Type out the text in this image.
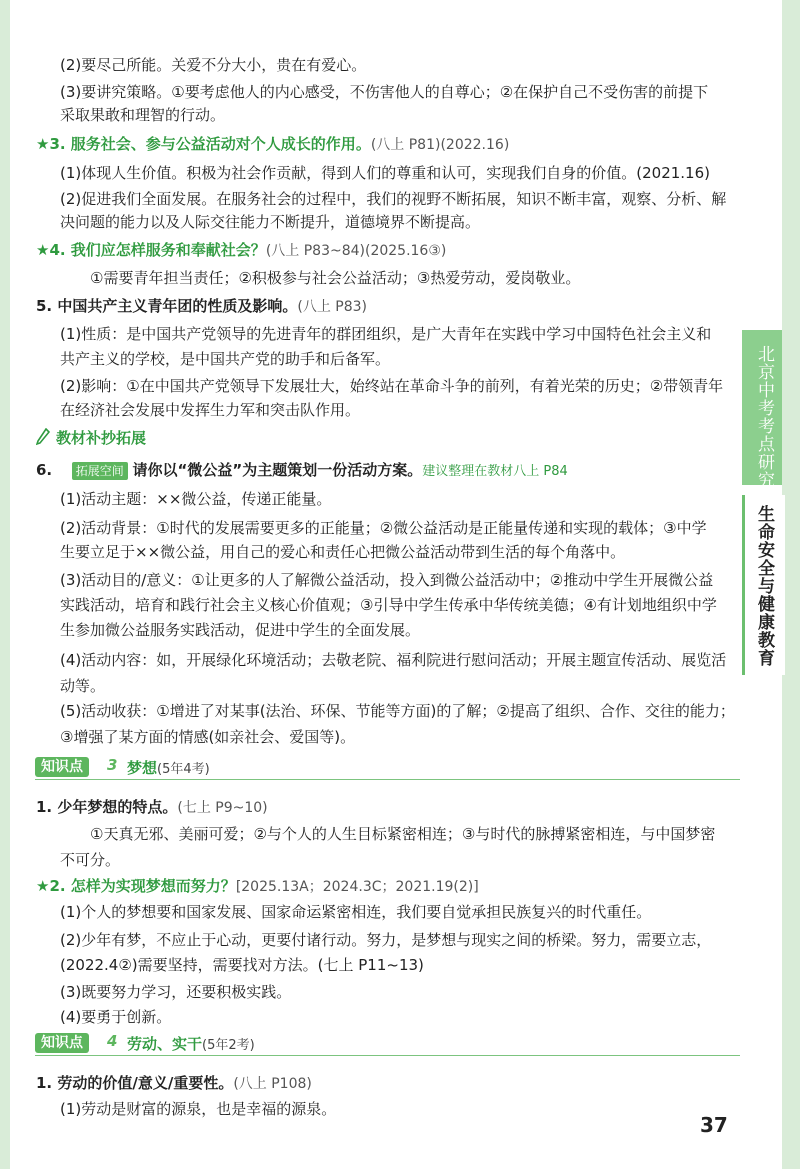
北京中考考点研究
生命安全与健康教育
(2)要尽己所能。关爱不分大小，贵在有爱心。
(3)要讲究策略。①要考虑他人的内心感受，不伤害他人的自尊心；②在保护自己不受伤害的前提下
采取果敢和理智的行动。
★3. 服务社会、参与公益活动对个人成长的作用。(八上 P81)(2022.16)
(1)体现人生价值。积极为社会作贡献，得到人们的尊重和认可，实现我们自身的价值。(2021.16)
(2)促进我们全面发展。在服务社会的过程中，我们的视野不断拓展，知识不断丰富，观察、分析、解
决问题的能力以及人际交往能力不断提升，道德境界不断提高。
★4. 我们应怎样服务和奉献社会？(八上 P83~84)(2025.16③)
①需要青年担当责任；②积极参与社会公益活动；③热爱劳动，爱岗敬业。
5. 中国共产主义青年团的性质及影响。(八上 P83)
(1)性质：是中国共产党领导的先进青年的群团组织，是广大青年在实践中学习中国特色社会主义和
共产主义的学校，是中国共产党的助手和后备军。
(2)影响：①在中国共产党领导下发展壮大，始终站在革命斗争的前列，有着光荣的历史；②带领青年
在经济社会发展中发挥生力军和突击队作用。
教材补抄拓展
6. 拓展空间 请你以“微公益”为主题策划一份活动方案。建议整理在教材八上 P84
(1)活动主题：××微公益，传递正能量。
(2)活动背景：①时代的发展需要更多的正能量；②微公益活动是正能量传递和实现的载体；③中学
生要立足于××微公益，用自己的爱心和责任心把微公益活动带到生活的每个角落中。
(3)活动目的/意义：①让更多的人了解微公益活动，投入到微公益活动中；②推动中学生开展微公益
实践活动，培育和践行社会主义核心价值观；③引导中学生传承中华传统美德；④有计划地组织中学
生参加微公益服务实践活动，促进中学生的全面发展。
(4)活动内容：如，开展绿化环境活动；去敬老院、福利院进行慰问活动；开展主题宣传活动、展览活
动等。
(5)活动收获：①增进了对某事(法治、环保、节能等方面)的了解；②提高了组织、合作、交往的能力；
③增强了某方面的情感(如亲社会、爱国等)。
知识点	3 梦想(5年4考)
1. 少年梦想的特点。(七上 P9~10)
①天真无邪、美丽可爱；②与个人的人生目标紧密相连；③与时代的脉搏紧密相连，与中国梦密
不可分。
★2. 怎样为实现梦想而努力？[2025.13A；2024.3C；2021.19(2)]
(1)个人的梦想要和国家发展、国家命运紧密相连，我们要自觉承担民族复兴的时代重任。
(2)少年有梦，不应止于心动，更要付诸行动。努力，是梦想与现实之间的桥梁。努力，需要立志，
(2022.4②)需要坚持，需要找对方法。(七上 P11~13)
(3)既要努力学习，还要积极实践。
(4)要勇于创新。
知识点	4 劳动、实干(5年2考)
1. 劳动的价值/意义/重要性。(八上 P108)
(1)劳动是财富的源泉，也是幸福的源泉。
37
